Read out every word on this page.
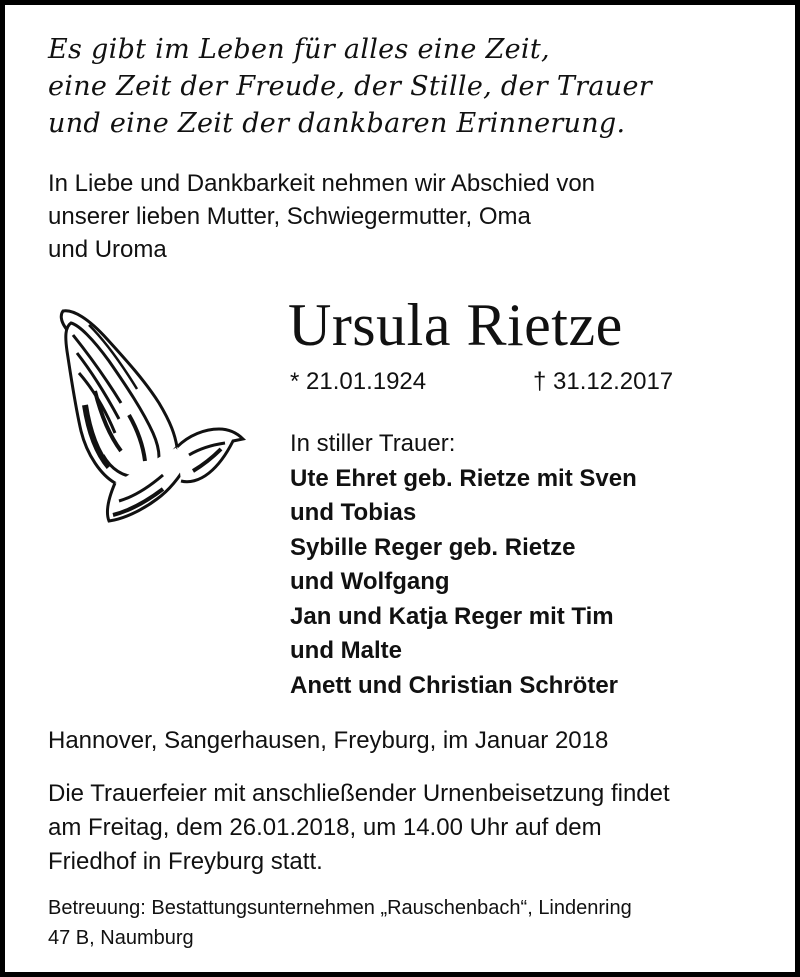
Es gibt im Leben für alles eine Zeit,
eine Zeit der Freude, der Stille, der Trauer
und eine Zeit der dankbaren Erinnerung.
In Liebe und Dankbarkeit nehmen wir Abschied von
unserer lieben Mutter, Schwiegermutter, Oma
und Uroma
Ursula Rietze
* 21.01.1924	† 31.12.2017
In stiller Trauer:
Ute Ehret geb. Rietze mit Sven
und Tobias
Sybille Reger geb. Rietze
und Wolfgang
Jan und Katja Reger mit Tim
und Malte
Anett und Christian Schröter
Hannover, Sangerhausen, Freyburg, im Januar 2018
Die Trauerfeier mit anschließender Urnenbeisetzung findet
am Freitag, dem 26.01.2018, um 14.00 Uhr auf dem
Friedhof in Freyburg statt.
Betreuung: Bestattungsunternehmen „Rauschenbach“, Lindenring
47 B, Naumburg
